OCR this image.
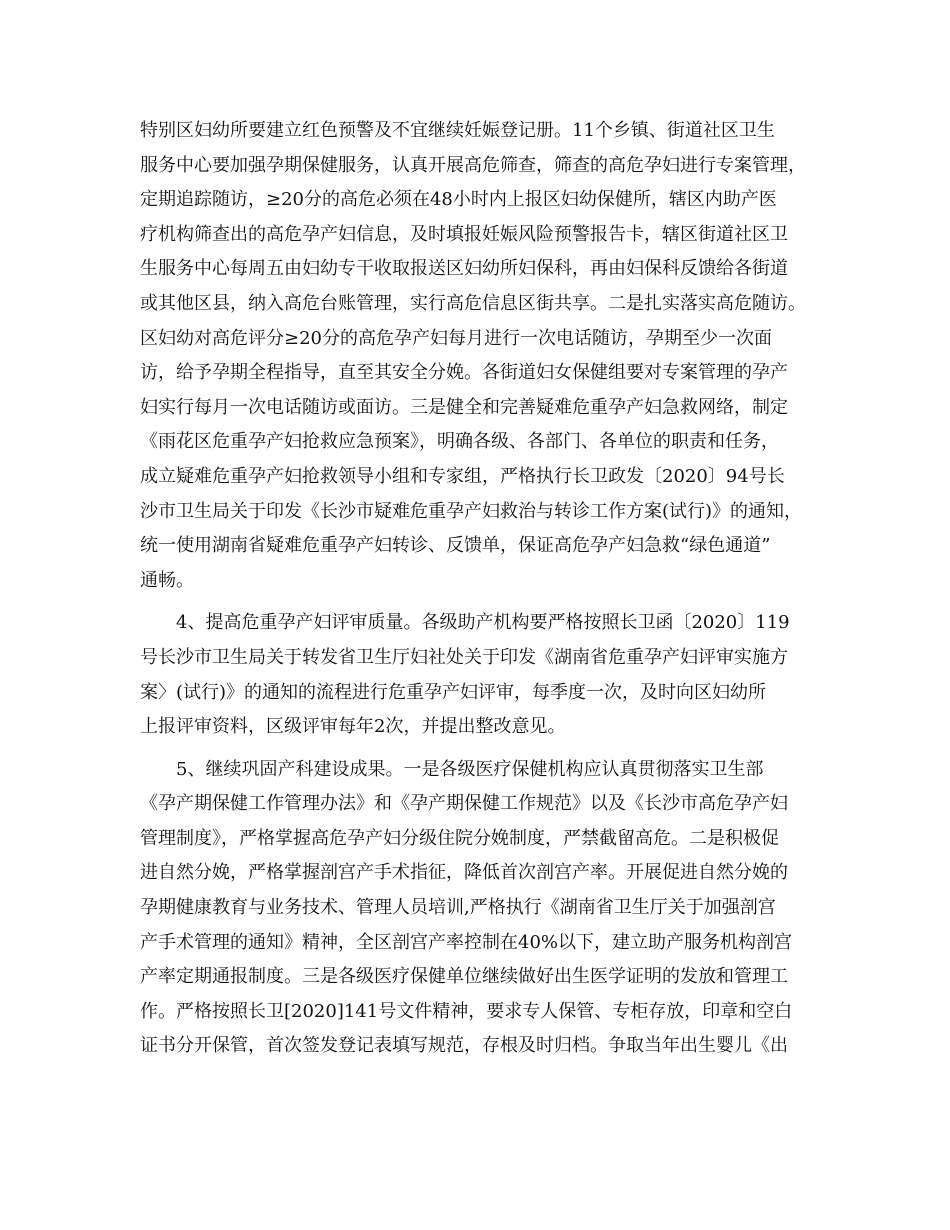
特别区妇幼所要建立红色预警及不宜继续妊娠登记册。11个乡镇、街道社区卫生
服务中心要加强孕期保健服务，认真开展高危筛查，筛查的高危孕妇进行专案管理，
定期追踪随访，≥20分的高危必须在48小时内上报区妇幼保健所，辖区内助产医
疗机构筛查出的高危孕产妇信息，及时填报妊娠风险预警报告卡，辖区街道社区卫
生服务中心每周五由妇幼专干收取报送区妇幼所妇保科，再由妇保科反馈给各街道
或其他区县，纳入高危台账管理，实行高危信息区街共享。二是扎实落实高危随访。
区妇幼对高危评分≥20分的高危孕产妇每月进行一次电话随访，孕期至少一次面
访，给予孕期全程指导，直至其安全分娩。各街道妇女保健组要对专案管理的孕产
妇实行每月一次电话随访或面访。三是健全和完善疑难危重孕产妇急救网络，制定
《雨花区危重孕产妇抢救应急预案》，明确各级、各部门、各单位的职责和任务，
成立疑难危重孕产妇抢救领导小组和专家组，严格执行长卫政发〔2020〕94号长
沙市卫生局关于印发《长沙市疑难危重孕产妇救治与转诊工作方案(试行)》的通知，
统一使用湖南省疑难危重孕产妇转诊、反馈单，保证高危孕产妇急救“绿色通道”
通畅。
　　4、提高危重孕产妇评审质量。各级助产机构要严格按照长卫函〔2020〕119
号长沙市卫生局关于转发省卫生厅妇社处关于印发《湖南省危重孕产妇评审实施方
案〉(试行)》的通知的流程进行危重孕产妇评审，每季度一次，及时向区妇幼所
上报评审资料，区级评审每年2次，并提出整改意见。
　　5、继续巩固产科建设成果。一是各级医疗保健机构应认真贯彻落实卫生部
《孕产期保健工作管理办法》和《孕产期保健工作规范》以及《长沙市高危孕产妇
管理制度》，严格掌握高危孕产妇分级住院分娩制度，严禁截留高危。二是积极促
进自然分娩，严格掌握剖宫产手术指征，降低首次剖宫产率。开展促进自然分娩的
孕期健康教育与业务技术、管理人员培训,严格执行《湖南省卫生厅关于加强剖宫
产手术管理的通知》精神，全区剖宫产率控制在40%以下，建立助产服务机构剖宫
产率定期通报制度。三是各级医疗保健单位继续做好出生医学证明的发放和管理工
作。严格按照长卫[2020]141号文件精神，要求专人保管、专柜存放，印章和空白
证书分开保管，首次签发登记表填写规范，存根及时归档。争取当年出生婴儿《出
